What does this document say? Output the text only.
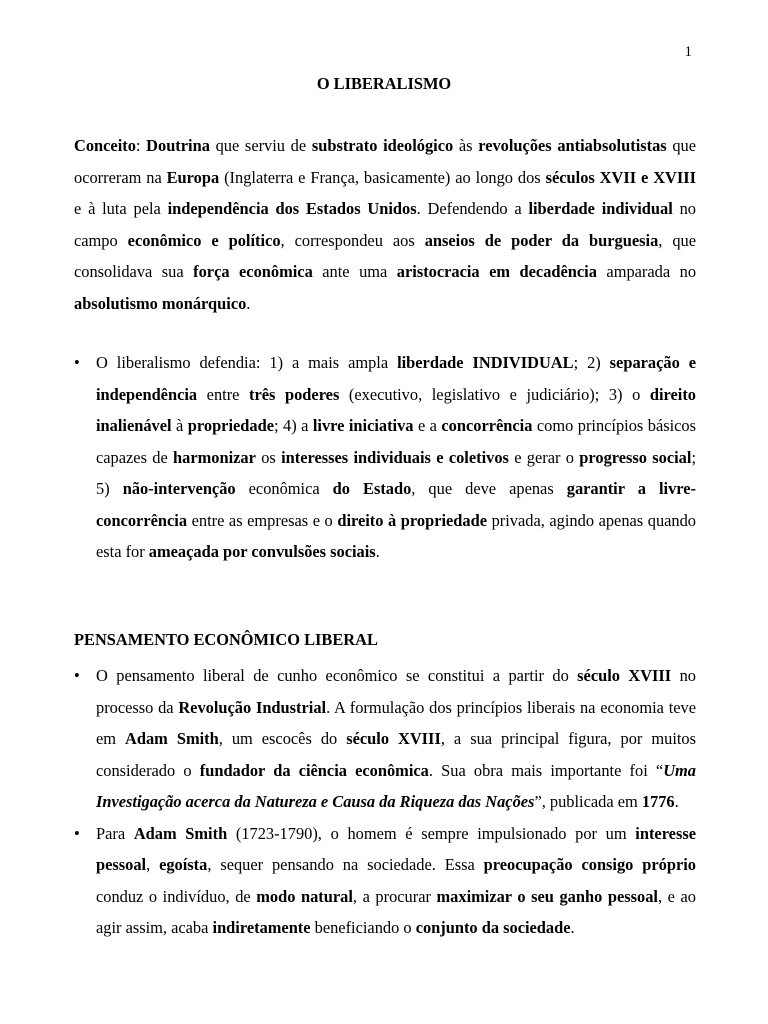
1
O LIBERALISMO

Conceito: Doutrina que serviu de substrato ideológico às revoluções antiabsolutistas que ocorreram na Europa (Inglaterra e França, basicamente) ao longo dos séculos XVII e XVIII e à luta pela independência dos Estados Unidos. Defendendo a liberdade individual no campo econômico e político, correspondeu aos anseios de poder da burguesia, que consolidava sua força econômica ante uma aristocracia em decadência amparada no absolutismo monárquico.

• O liberalismo defendia: 1) a mais ampla liberdade INDIVIDUAL; 2) separação e independência entre três poderes (executivo, legislativo e judiciário); 3) o direito inalienável à propriedade; 4) a livre iniciativa e a concorrência como princípios básicos capazes de harmonizar os interesses individuais e coletivos e gerar o progresso social; 5) não-intervenção econômica do Estado, que deve apenas garantir a livre-concorrência entre as empresas e o direito à propriedade privada, agindo apenas quando esta for ameaçada por convulsões sociais.
PENSAMENTO ECONÔMICO LIBERAL
• O pensamento liberal de cunho econômico se constitui a partir do século XVIII no processo da Revolução Industrial. A formulação dos princípios liberais na economia teve em Adam Smith, um escocês do século XVIII, a sua principal figura, por muitos considerado o fundador da ciência econômica. Sua obra mais importante foi “Uma Investigação acerca da Natureza e Causa da Riqueza das Nações”, publicada em 1776.
• Para Adam Smith (1723-1790), o homem é sempre impulsionado por um interesse pessoal, egoísta, sequer pensando na sociedade. Essa preocupação consigo próprio conduz o indivíduo, de modo natural, a procurar maximizar o seu ganho pessoal, e ao agir assim, acaba indiretamente beneficiando o conjunto da sociedade.
